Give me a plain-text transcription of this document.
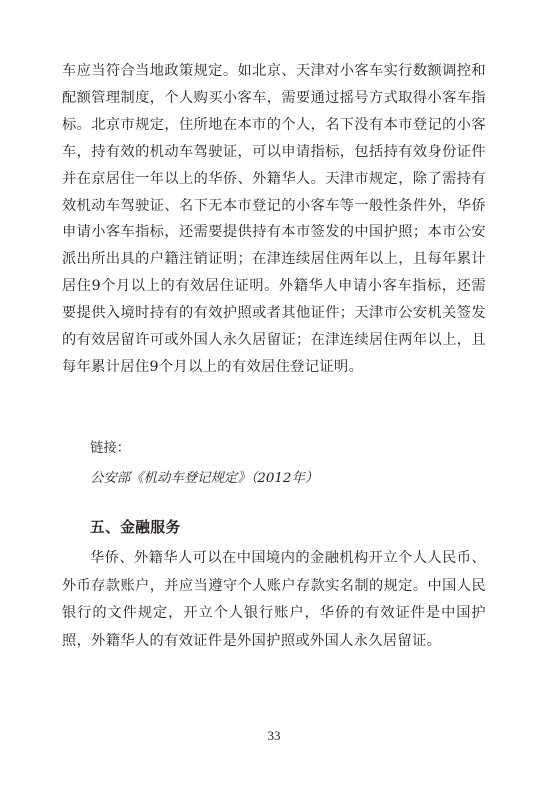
车应当符合当地政策规定。如北京、天津对小客车实行数额调控和配额管理制度，个人购买小客车，需要通过摇号方式取得小客车指标。北京市规定，住所地在本市的个人，名下没有本市登记的小客车，持有效的机动车驾驶证，可以申请指标，包括持有效身份证件并在京居住一年以上的华侨、外籍华人。天津市规定，除了需持有效机动车驾驶证、名下无本市登记的小客车等一般性条件外，华侨申请小客车指标，还需要提供持有本市签发的中国护照；本市公安派出所出具的户籍注销证明；在津连续居住两年以上，且每年累计居住9个月以上的有效居住证明。外籍华人申请小客车指标，还需要提供入境时持有的有效护照或者其他证件；天津市公安机关签发的有效居留许可或外国人永久居留证；在津连续居住两年以上，且每年累计居住9个月以上的有效居住登记证明。

链接：

公安部《机动车登记规定》（2012年）

五、金融服务

华侨、外籍华人可以在中国境内的金融机构开立个人人民币、外币存款账户，并应当遵守个人账户存款实名制的规定。中国人民银行的文件规定，开立个人银行账户，华侨的有效证件是中国护照，外籍华人的有效证件是外国护照或外国人永久居留证。

33
